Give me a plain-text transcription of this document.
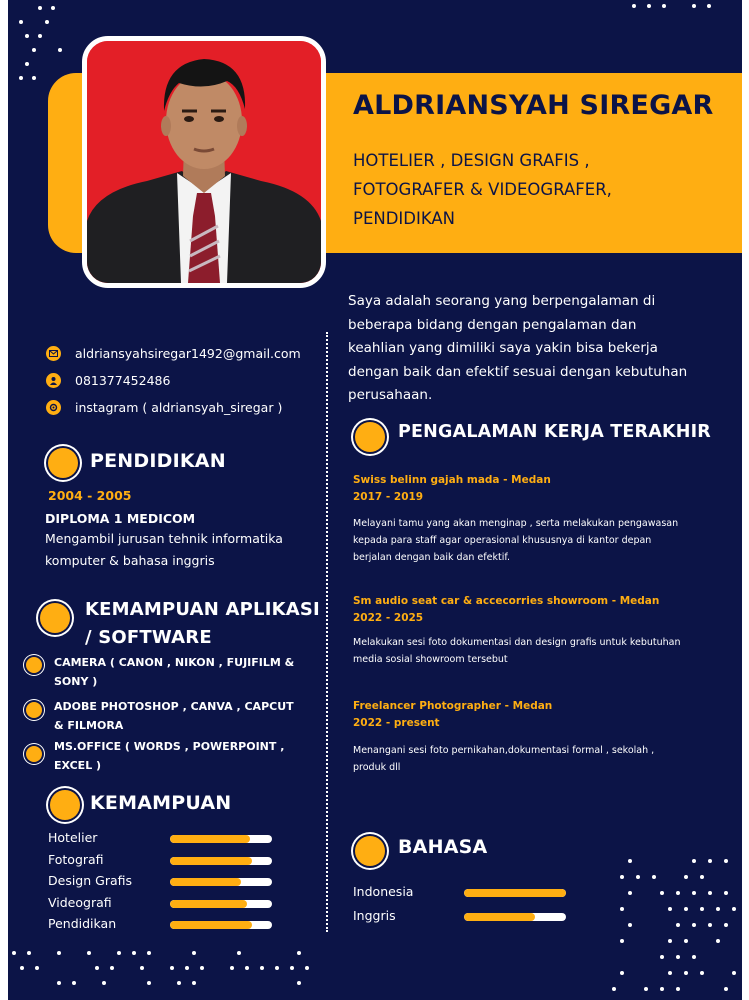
ALDRIANSYAH SIREGAR
HOTELIER , DESIGN GRAFIS ,
FOTOGRAFER & VIDEOGRAFER,
PENDIDIKAN
Saya adalah seorang yang berpengalaman di
beberapa bidang dengan pengalaman dan
keahlian yang dimiliki saya yakin bisa bekerja
dengan baik dan efektif sesuai dengan kebutuhan
perusahaan.
aldriansyahsiregar1492@gmail.com
081377452486
instagram ( aldriansyah_siregar )
PENDIDIKAN
2004 - 2005
DIPLOMA 1 MEDICOM
Mengambil jurusan tehnik informatika
komputer & bahasa inggris
KEMAMPUAN APLIKASI
/ SOFTWARE
CAMERA ( CANON , NIKON , FUJIFILM &
SONY )
ADOBE PHOTOSHOP , CANVA , CAPCUT
& FILMORA
MS.OFFICE ( WORDS , POWERPOINT ,
EXCEL )
KEMAMPUAN
PENGALAMAN KERJA TERAKHIR
Swiss belinn gajah mada - Medan
2017 - 2019
Melayani tamu yang akan menginap , serta melakukan pengawasan
kepada para staff agar operasional khususnya di kantor depan
berjalan dengan baik dan efektif.
Sm audio seat car & accecorries showroom - Medan
2022 - 2025
Melakukan sesi foto dokumentasi dan design grafis untuk kebutuhan
media sosial showroom tersebut
Freelancer Photographer - Medan
2022 - present
Menangani sesi foto pernikahan,dokumentasi formal , sekolah ,
produk dll
BAHASA
Hotelier
Fotografi
Design Grafis
Videografi
Pendidikan
Indonesia
Inggris
